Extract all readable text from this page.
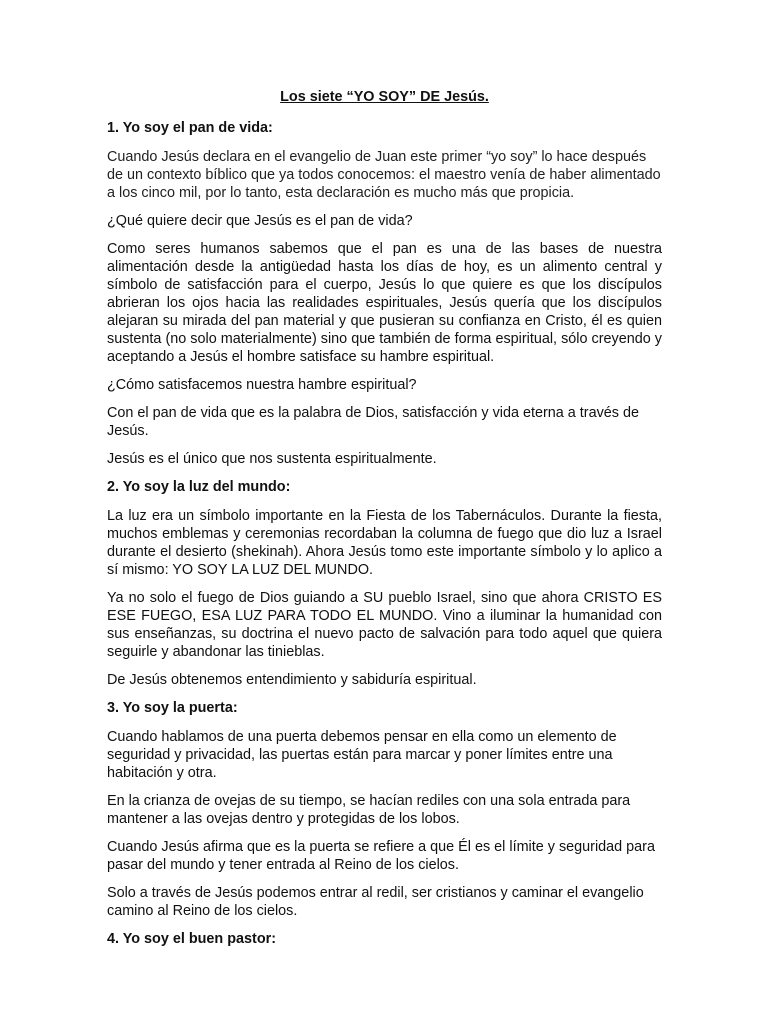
Los siete “YO SOY” DE Jesús.

1. Yo soy el pan de vida:

Cuando Jesús declara en el evangelio de Juan este primer “yo soy” lo hace después de un contexto bíblico que ya todos conocemos: el maestro venía de haber alimentado a los cinco mil, por lo tanto, esta declaración es mucho más que propicia.

¿Qué quiere decir que Jesús es el pan de vida?

Como seres humanos sabemos que el pan es una de las bases de nuestra alimentación desde la antigüedad hasta los días de hoy, es un alimento central y símbolo de satisfacción para el cuerpo, Jesús lo que quiere es que los discípulos abrieran los ojos hacia las realidades espirituales, Jesús quería que los discípulos alejaran su mirada del pan material y que pusieran su confianza en Cristo, él es quien sustenta (no solo materialmente) sino que también de forma espiritual, sólo creyendo y aceptando a Jesús el hombre satisface su hambre espiritual.

¿Cómo satisfacemos nuestra hambre espiritual?

Con el pan de vida que es la palabra de Dios, satisfacción y vida eterna a través de Jesús.

Jesús es el único que nos sustenta espiritualmente.

2. Yo soy la luz del mundo:

La luz era un símbolo importante en la Fiesta de los Tabernáculos. Durante la fiesta, muchos emblemas y ceremonias recordaban la columna de fuego que dio luz a Israel durante el desierto (shekinah). Ahora Jesús tomo este importante símbolo y lo aplico a sí mismo: YO SOY LA LUZ DEL MUNDO.

Ya no solo el fuego de Dios guiando a SU pueblo Israel, sino que ahora CRISTO ES ESE FUEGO, ESA LUZ PARA TODO EL MUNDO. Vino a iluminar la humanidad con sus enseñanzas, su doctrina el nuevo pacto de salvación para todo aquel que quiera seguirle y abandonar las tinieblas.

De Jesús obtenemos entendimiento y sabiduría espiritual.

3. Yo soy la puerta:

Cuando hablamos de una puerta debemos pensar en ella como un elemento de seguridad y privacidad, las puertas están para marcar y poner límites entre una habitación y otra.

En la crianza de ovejas de su tiempo, se hacían rediles con una sola entrada para mantener a las ovejas dentro y protegidas de los lobos.

Cuando Jesús afirma que es la puerta se refiere a que Él es el límite y seguridad para pasar del mundo y tener entrada al Reino de los cielos.

Solo a través de Jesús podemos entrar al redil, ser cristianos y caminar el evangelio camino al Reino de los cielos.

4. Yo soy el buen pastor:
